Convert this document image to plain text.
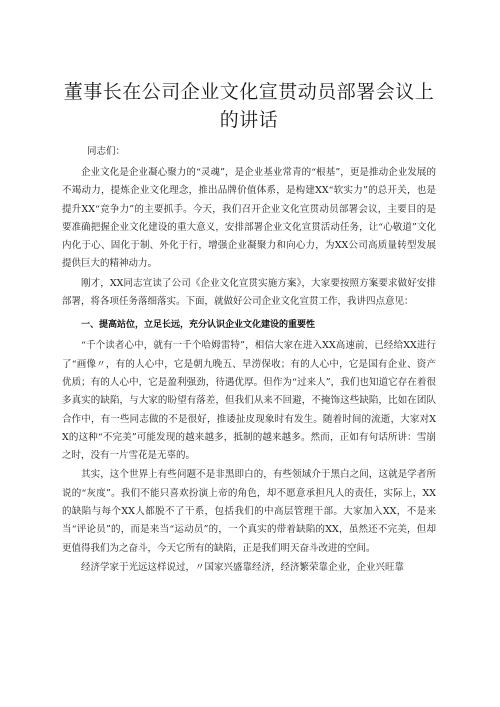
董事长在公司企业文化宣贯动员部署会议上
的讲话

同志们：

企业文化是企业凝心聚力的“灵魂”，是企业基业常青的“根基”，更是推动企业发展的不竭动力，提炼企业文化理念，推出品牌价值体系，是构建XX“软实力”的总开关，也是提升XX“竞争力”的主要抓手。今天，我们召开企业文化宣贯动员部署会议，主要目的是要准确把握企业文化建设的重大意义，安排部署企业文化宣贯活动任务，让“心敬道”文化内化于心、固化于制、外化于行，增强企业凝聚力和向心力，为XX公司高质量转型发展提供巨大的精神动力。

刚才，XX同志宣读了公司《企业文化宣贯实施方案》，大家要按照方案要求做好安排部署，将各项任务落细落实。下面，就做好公司企业文化宣贯工作，我讲四点意见：

一、提高站位，立足长远，充分认识企业文化建设的重要性

“千个读者心中，就有一千个哈姆雷特”，相信大家在进入XX高速前，已经给XX进行了“画像〃，有的人心中，它是朝九晚五、旱涝保收；有的人心中，它是国有企业、资产优质；有的人心中，它是盈利强劲，待遇优厚。但作为“过来人”，我们也知道它存在着很多真实的缺陷，与大家的盼望有落差，但我们从来不回避，不掩饰这些缺陷，比如在团队合作中，有一些同志做的不是很好，推诿扯皮现象时有发生。随着时间的流逝，大家对XX的这种“不完美”可能发现的越来越多，抵制的越来越多。然而，正如有句话所讲：雪崩之时，没有一片雪花是无辜的。

其实，这个世界上有些问题不是非黑即白的，有些领域介于黑白之间，这就是学者所说的“灰度”。我们不能只喜欢扮演上帝的角色，却不愿意承担凡人的责任，实际上，XX的缺陷与每个XX人都脱不了干系，包括我们的中高层管理干部。大家加入XX，不是来当“评论员”的，而是来当“运动员”的，一个真实的带着缺陷的XX，虽然还不完美，但却更值得我们为之奋斗，今天它所有的缺陷，正是我们明天奋斗改进的空间。

经济学家于光远这样说过，〃国家兴盛靠经济，经济繁荣靠企业，企业兴旺靠
